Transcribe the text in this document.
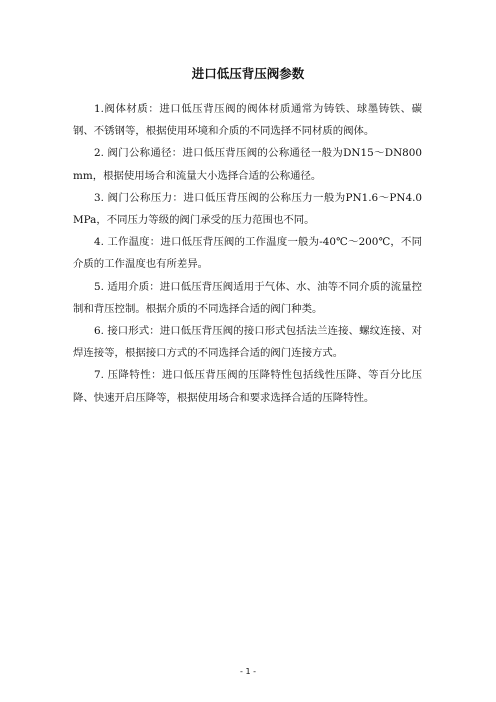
进口低压背压阀参数

1.阀体材质：进口低压背压阀的阀体材质通常为铸铁、球墨铸铁、碳钢、不锈钢等，根据使用环境和介质的不同选择不同材质的阀体。

2. 阀门公称通径：进口低压背压阀的公称通径一般为DN15～DN800mm，根据使用场合和流量大小选择合适的公称通径。

3. 阀门公称压力：进口低压背压阀的公称压力一般为PN1.6～PN4.0MPa，不同压力等级的阀门承受的压力范围也不同。

4. 工作温度：进口低压背压阀的工作温度一般为-40℃～200℃，不同介质的工作温度也有所差异。

5. 适用介质：进口低压背压阀适用于气体、水、油等不同介质的流量控制和背压控制。根据介质的不同选择合适的阀门种类。

6. 接口形式：进口低压背压阀的接口形式包括法兰连接、螺纹连接、对焊连接等，根据接口方式的不同选择合适的阀门连接方式。

7. 压降特性：进口低压背压阀的压降特性包括线性压降、等百分比压降、快速开启压降等，根据使用场合和要求选择合适的压降特性。

- 1 -
